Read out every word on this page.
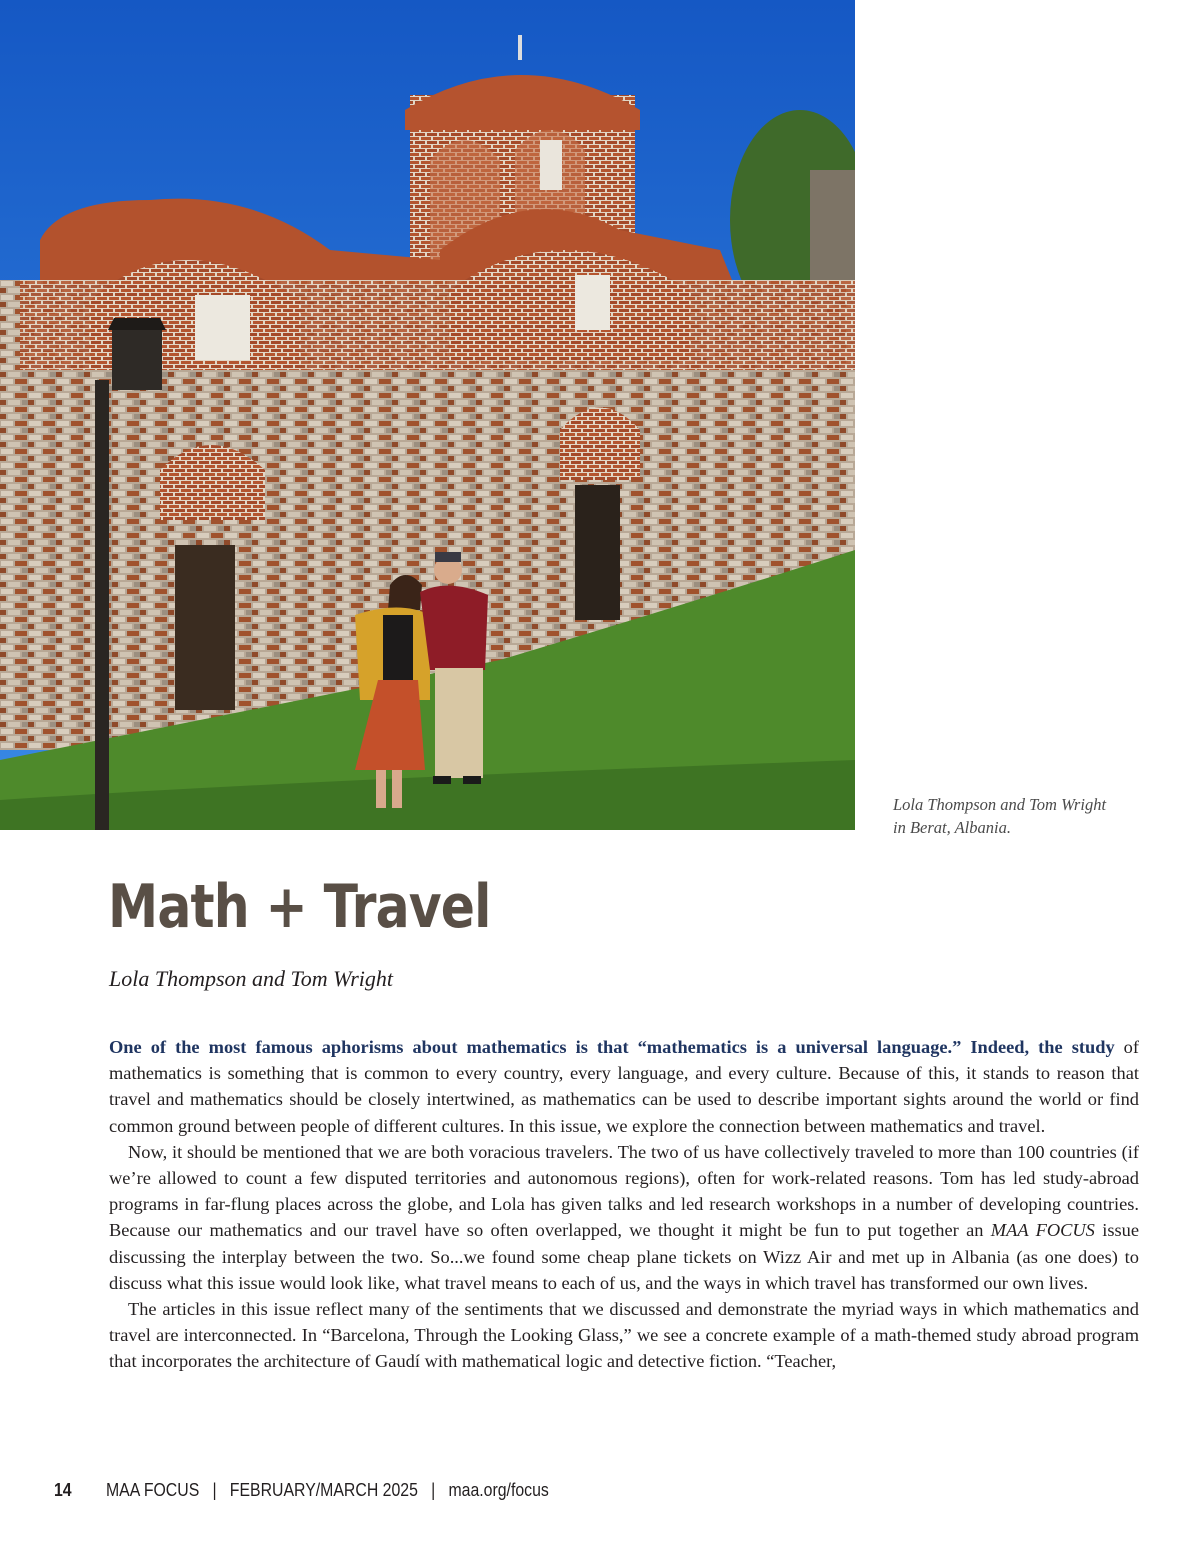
Lola Thompson and Tom Wright
in Berat, Albania.
Math + Travel

Lola Thompson and Tom Wright

One of the most famous aphorisms about mathematics is that “mathematics is a universal language.” Indeed, the study of mathematics is something that is common to every country, every language, and every culture. Because of this, it stands to reason that travel and mathematics should be closely intertwined, as mathematics can be used to describe important sights around the world or find common ground between people of different cultures. In this issue, we explore the connection between mathematics and travel.

Now, it should be mentioned that we are both voracious travelers. The two of us have collectively traveled to more than 100 countries (if we’re allowed to count a few disputed territories and autonomous regions), often for work-related reasons. Tom has led study-abroad programs in far-flung places across the globe, and Lola has given talks and led research workshops in a number of developing countries. Because our mathematics and our travel have so often overlapped, we thought it might be fun to put together an MAA FOCUS issue discussing the interplay between the two. So...we found some cheap plane tickets on Wizz Air and met up in Albania (as one does) to discuss what this issue would look like, what travel means to each of us, and the ways in which travel has transformed our own lives.

The articles in this issue reflect many of the sentiments that we discussed and demonstrate the myriad ways in which mathematics and travel are interconnected. In “Barcelona, Through the Looking Glass,” we see a concrete example of a math-themed study abroad program that incorporates the architecture of Gaudí with mathematical logic and detective fiction. “Teacher,

14 MAA FOCUS | FEBRUARY/MARCH 2025 | maa.org/focus
